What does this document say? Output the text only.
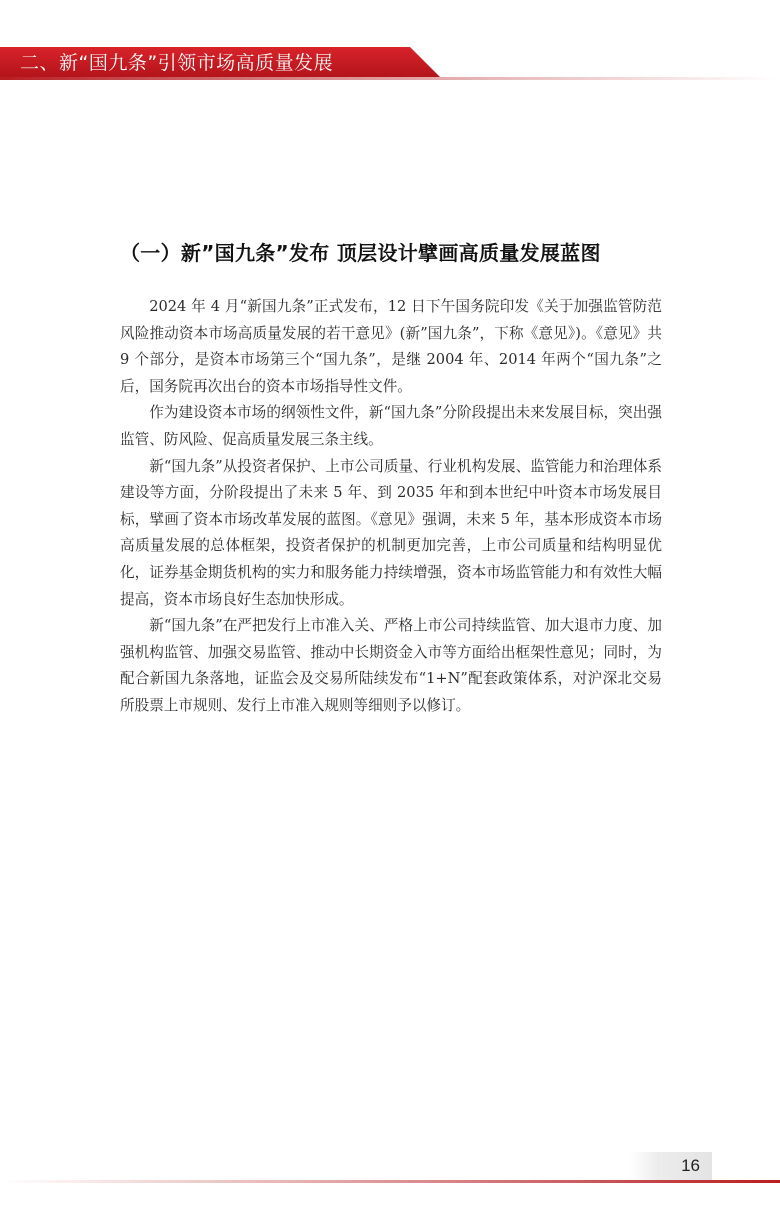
二、新“国九条”引领市场高质量发展
（一）新”国九条”发布 顶层设计擘画高质量发展蓝图

2024 年 4 月“新国九条”正式发布，12 日下午国务院印发《关于加强监管防范风险推动资本市场高质量发展的若干意见》(新”国九条”，下称《意见》)。《意见》共 9 个部分，是资本市场第三个“国九条”，是继 2004 年、2014 年两个“国九条”之后，国务院再次出台的资本市场指导性文件。

作为建设资本市场的纲领性文件，新“国九条”分阶段提出未来发展目标，突出强监管、防风险、促高质量发展三条主线。

新“国九条”从投资者保护、上市公司质量、行业机构发展、监管能力和治理体系建设等方面，分阶段提出了未来 5 年、到 2035 年和到本世纪中叶资本市场发展目标，擘画了资本市场改革发展的蓝图。《意见》强调，未来 5 年，基本形成资本市场高质量发展的总体框架，投资者保护的机制更加完善，上市公司质量和结构明显优化，证券基金期货机构的实力和服务能力持续增强，资本市场监管能力和有效性大幅提高，资本市场良好生态加快形成。

新“国九条”在严把发行上市准入关、严格上市公司持续监管、加大退市力度、加强机构监管、加强交易监管、推动中长期资金入市等方面给出框架性意见；同时，为配合新国九条落地，证监会及交易所陆续发布“1+N”配套政策体系，对沪深北交易所股票上市规则、发行上市准入规则等细则予以修订。

16
